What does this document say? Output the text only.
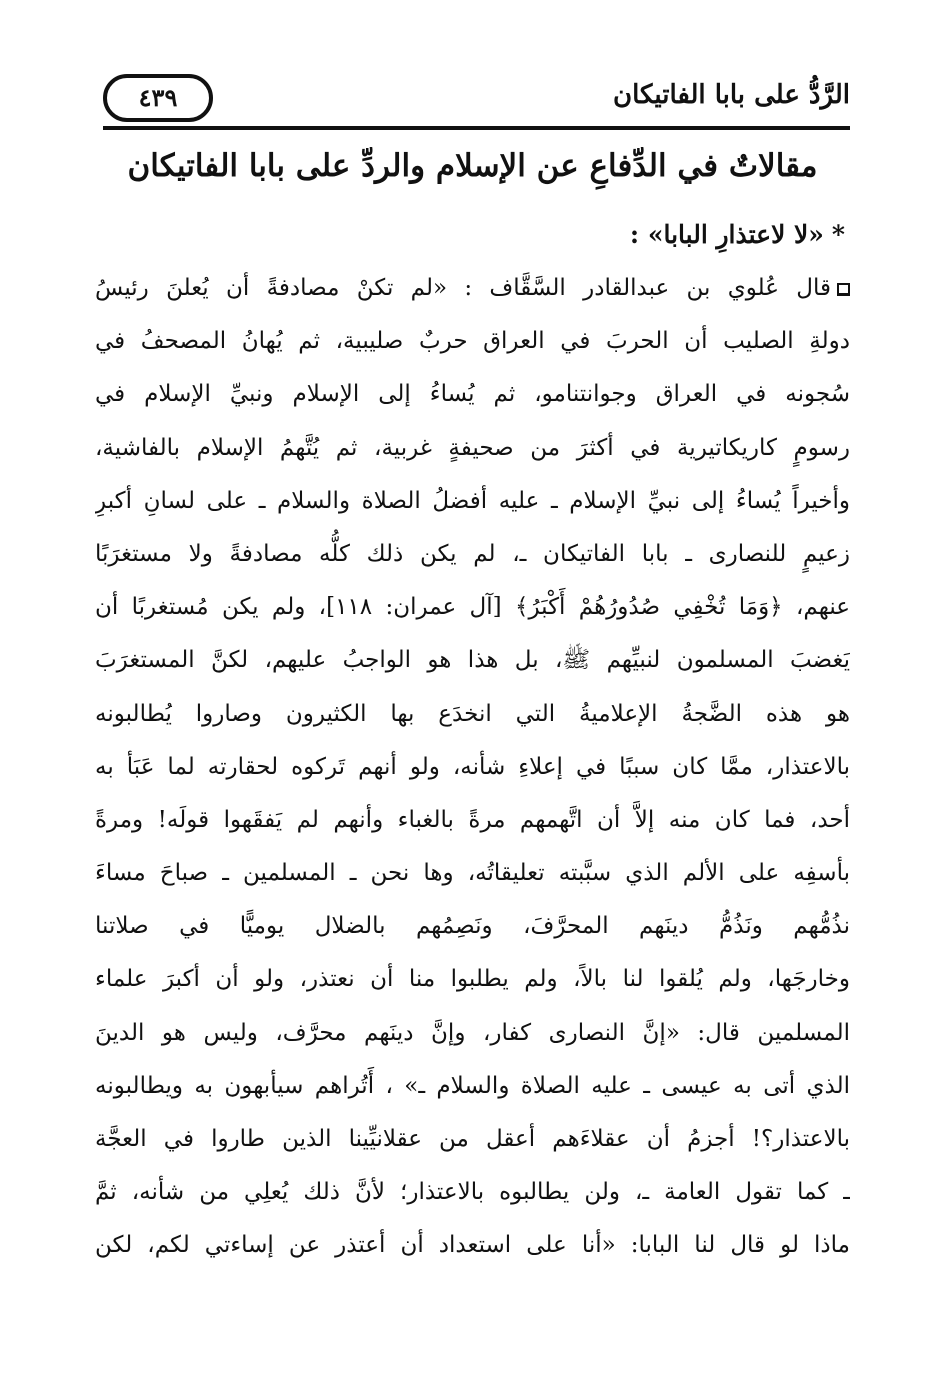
٤٣٩	الرَّدُّ على بابا الفاتيكان
مقالاتٌ في الدِّفاعِ عن الإسلام والردِّ على بابا الفاتيكان
*«لا لاعتذارِ البابا» :
قال عُلوي بن عبدالقادر السَّقَّاف : «لم تكنْ مصادفةً أن يُعلنَ رئيسُ
دولةِ الصليب أن الحربَ في العراق حربٌ صليبية، ثم يُهانُ المصحفُ في
سُجونه في العراق وجوانتنامو، ثم يُساءُ إلى الإسلام ونبيِّ الإسلام في
رسومٍ كاريكاتيرية في أكثرَ من صحيفةٍ غربية، ثم يُتَّهمُ الإسلام بالفاشية،
وأخيراً يُساءُ إلى نبيِّ الإسلام ـ عليه أفضلُ الصلاة والسلام ـ على لسانِ أكبرِ
زعيمٍ للنصارى ـ بابا الفاتيكان ـ، لم يكن ذلك كلُّه مصادفةً ولا مستغرَبًا
عنهم، ﴿وَمَا تُخْفِي صُدُورُهُمْ أَكْبَرُ﴾ [آل عمران: ١١٨]، ولم يكن مُستغربًا أن
يَغضبَ المسلمون لنبيِّهم ﷺ، بل هذا هو الواجبُ عليهم، لكنَّ المستغرَبَ
هو هذه الضَّجةُ الإعلاميةُ التي انخدَع بها الكثيرون وصاروا يُطالبونه
بالاعتذار، ممَّا كان سببًا في إعلاءِ شأنه، ولو أنهم تَركوه لحقارته لما عَبَأ به
أحد، فما كان منه إلاَّ أن اتَّهمهم مرةً بالغباء وأنهم لم يَفقَهوا قولَه! ومرةً
بأسفِه على الألم الذي سبَّبته تعليقاتُه، وها نحن ـ المسلمين ـ صباحَ مساءَ
نذُمُّهم ونَذُمُّ دينَهم المحرَّفَ، ونَصِمُهم بالضلال يوميًّا في صلاتنا
وخارجَها، ولم يُلقوا لنا بالاً، ولم يطلبوا منا أن نعتذر، ولو أن أكبرَ علماء
المسلمين قال: «إنَّ النصارى كفار، وإنَّ دينَهم محرَّف، وليس هو الدينَ
الذي أتى به عيسى ـ عليه الصلاة والسلام ـ» ، أَتُراهم سيأبهون به ويطالبونه
بالاعتذار؟! أجزمُ أن عقلاءَهم أعقل من عقلانيِّينا الذين طاروا في العجَّة
ـ كما تقول العامة ـ، ولن يطالبوه بالاعتذار؛ لأنَّ ذلك يُعلِي من شأنه، ثمَّ
ماذا لو قال لنا البابا: «أنا على استعداد أن أعتذر عن إساءتي لكم، لكن
